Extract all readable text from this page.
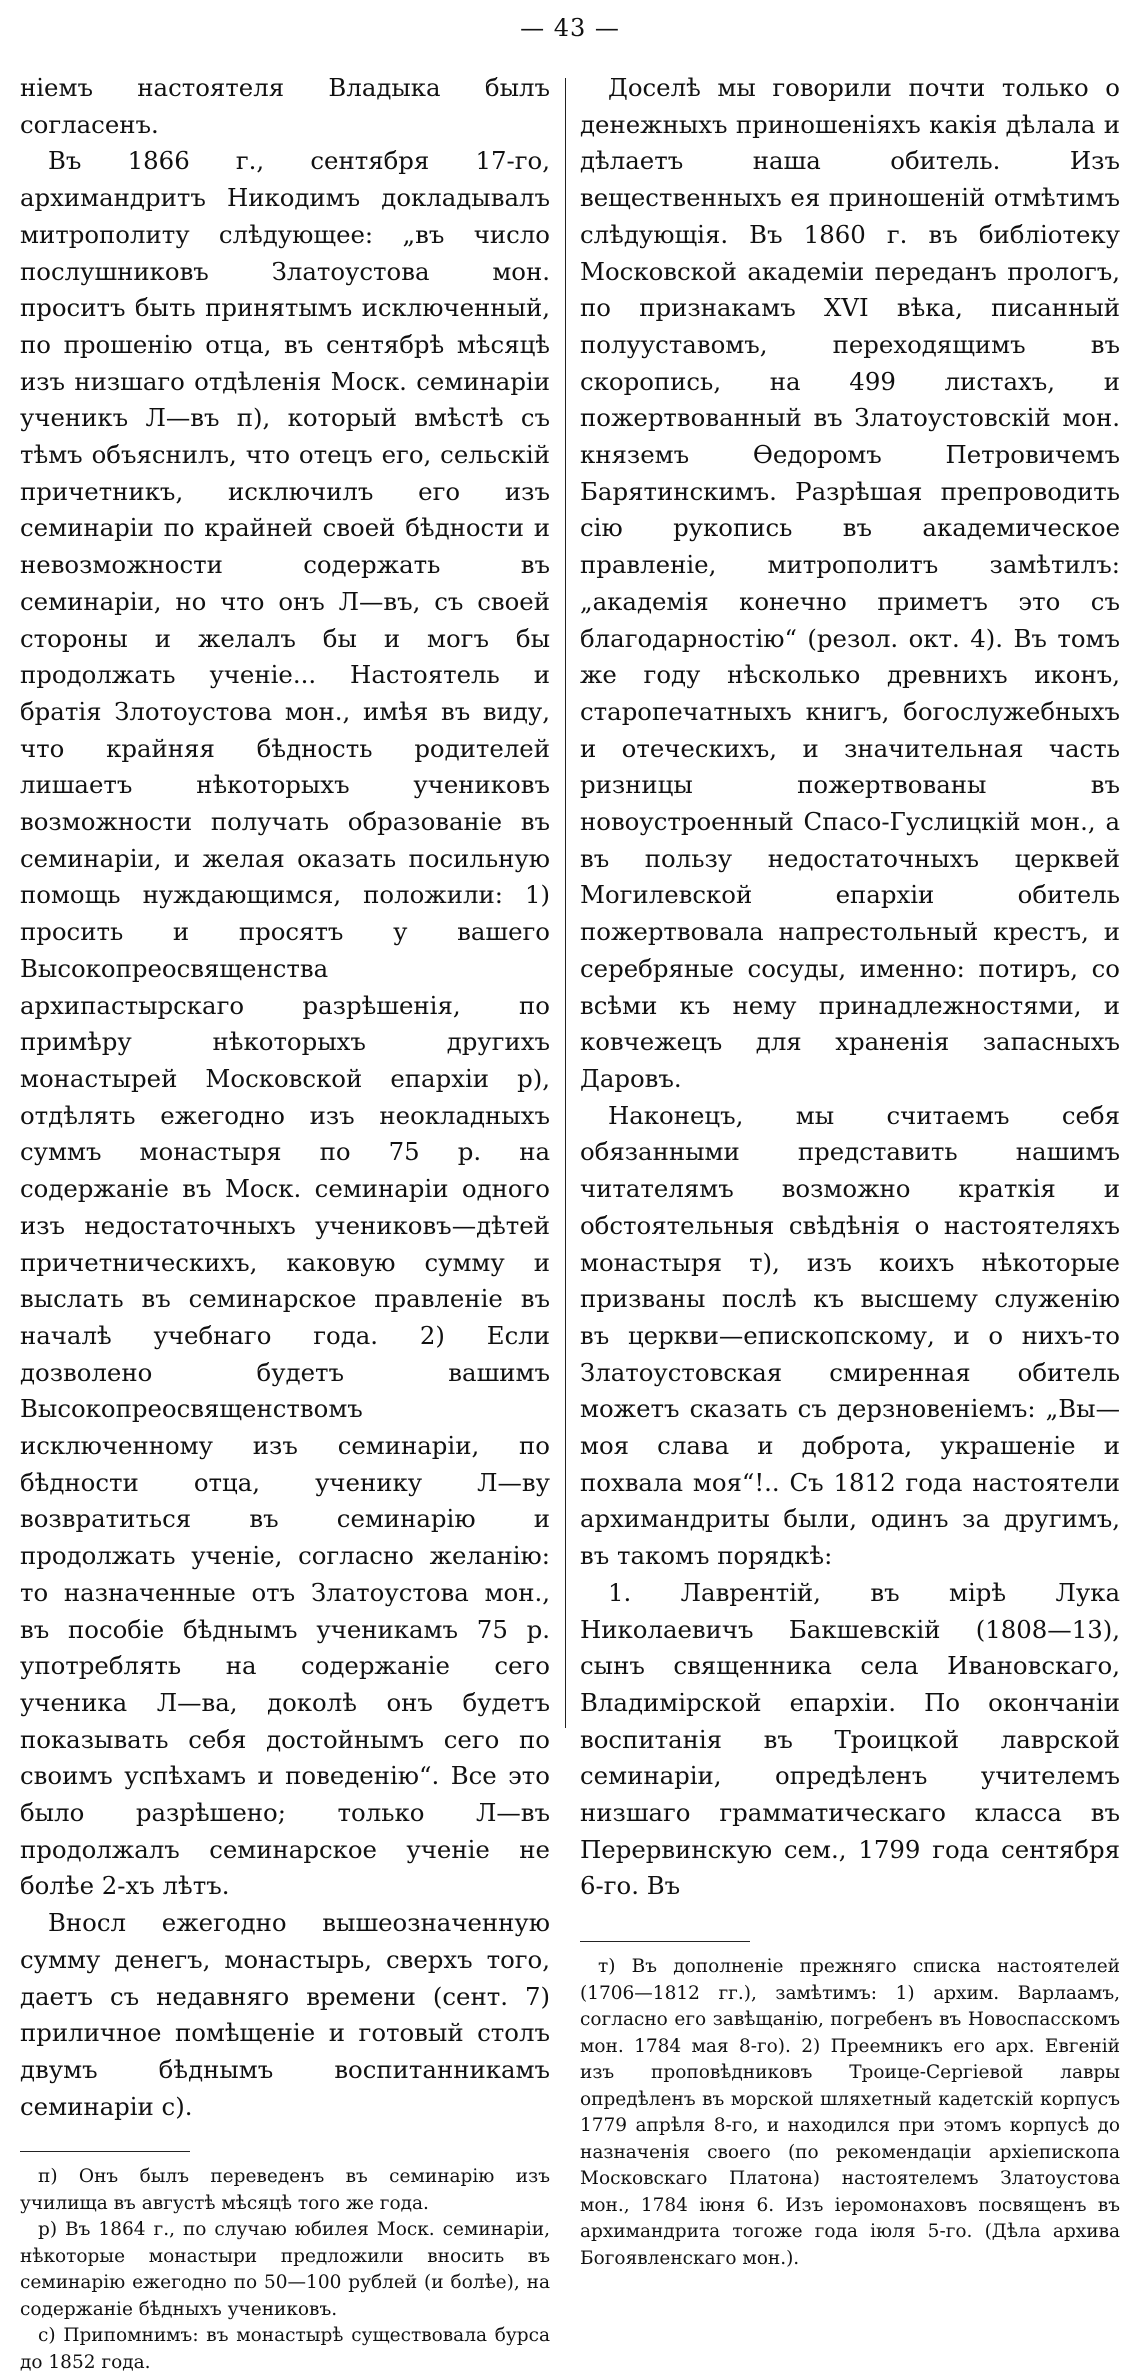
— 43 —

ніемъ настоятеля Владыка былъ согласенъ.

Въ 1866 г., сентября 17-го, архимандритъ Никодимъ докладывалъ митрополиту слѣдующее: „въ число послушниковъ Златоустова мон. проситъ быть принятымъ исключенный, по прошенію отца, въ сентябрѣ мѣсяцѣ изъ низшаго отдѣленія Моск. семинаріи ученикъ Л—въ п), который вмѣстѣ съ тѣмъ объяснилъ, что отецъ его, сельскій причетникъ, исключилъ его изъ семинаріи по крайней своей бѣдности и невозможности содержать въ семинаріи, но что онъ Л—въ, съ своей стороны и желалъ бы и могъ бы продолжать ученіе... Настоятель и братія Злотоустова мон., имѣя въ виду, что крайняя бѣдность родителей лишаетъ нѣкоторыхъ учениковъ возможности получать образованіе въ семинаріи, и желая оказать посильную помощь нуждающимся, положили: 1) просить и просятъ у вашего Высокопреосвященства архипастырскаго разрѣшенія, по примѣру нѣкоторыхъ другихъ монастырей Московской епархіи р), отдѣлять ежегодно изъ неокладныхъ суммъ монастыря по 75 р. на содержаніе въ Моск. семинаріи одного изъ недостаточныхъ учениковъ—дѣтей причетническихъ, каковую сумму и выслать въ семинарское правленіе въ началѣ учебнаго года. 2) Если дозволено будетъ вашимъ Высокопреосвященствомъ исключенному изъ семинаріи, по бѣдности отца, ученику Л—ву возвратиться въ семинарію и продолжать ученіе, согласно желанію: то назначенные отъ Златоустова мон., въ пособіе бѣднымъ ученикамъ 75 р. употреблять на содержаніе сего ученика Л—ва, доколѣ онъ будетъ показывать себя достойнымъ сего по своимъ успѣхамъ и поведенію“. Все это было разрѣшено; только Л—въ продолжалъ семинарское ученіе не болѣе 2-хъ лѣтъ.

Вносл ежегодно вышеозначенную сумму денегъ, монастырь, сверхъ того, даетъ съ недавняго времени (сент. 7) приличное помѣщеніе и готовый столъ двумъ бѣднымъ воспитанникамъ семинаріи с).

п) Онъ былъ переведенъ въ семинарію изъ училища въ августѣ мѣсяцѣ того же года.

р) Въ 1864 г., по случаю юбилея Моск. семинаріи, нѣкоторые монастыри предложили вносить въ семинарію ежегодно по 50—100 рублей (и болѣе), на содержаніе бѣдныхъ учениковъ.

с) Припомнимъ: въ монастырѣ существовала бурса до 1852 года.

Доселѣ мы говорили почти только о денежныхъ приношеніяхъ какія дѣлала и дѣлаетъ наша обитель. Изъ вещественныхъ ея приношеній отмѣтимъ слѣдующія. Въ 1860 г. въ библіотеку Московской академіи переданъ прологъ, по признакамъ XVI вѣка, писанный полууставомъ, переходящимъ въ скоропись, на 499 листахъ, и пожертвованный въ Златоустовскій мон. княземъ Ѳедоромъ Петровичемъ Барятинскимъ. Разрѣшая препроводить сію рукопись въ академическое правленіе, митрополитъ замѣтилъ: „академія конечно приметъ это съ благодарностію“ (резол. окт. 4). Въ томъ же году нѣсколько древнихъ иконъ, старопечатныхъ книгъ, богослужебныхъ и отеческихъ, и значительная часть ризницы пожертвованы въ новоустроенный Спасо-Гуслицкій мон., а въ пользу недостаточныхъ церквей Могилевской епархіи обитель пожертвовала напрестольный крестъ, и серебряные сосуды, именно: потиръ, со всѣми къ нему принадлежностями, и ковчежецъ для храненія запасныхъ Даровъ.

Наконецъ, мы считаемъ себя обязанными представить нашимъ читателямъ возможно краткія и обстоятельныя свѣдѣнія о настоятеляхъ монастыря т), изъ коихъ нѣкоторые призваны послѣ къ высшему служенію въ церкви—епископскому, и о нихъ-то Златоустовская смиренная обитель можетъ сказать съ дерзновеніемъ: „Вы—моя слава и доброта, украшеніе и похвала моя“!.. Съ 1812 года настоятели архимандриты были, одинъ за другимъ, въ такомъ порядкѣ:

1. Лаврентій, въ мірѣ Лука Николаевичъ Бакшевскій (1808—13), сынъ священника села Ивановскаго, Владимірской епархіи. По окончаніи воспитанія въ Троицкой лаврской семинаріи, опредѣленъ учителемъ низшаго грамматическаго класса въ Перервинскую сем., 1799 года сентября 6-го. Въ

т) Въ дополненіе прежняго списка настоятелей (1706—1812 гг.), замѣтимъ: 1) архим. Варлаамъ, согласно его завѣщанію, погребенъ въ Новоспасскомъ мон. 1784 мая 8-го). 2) Преемникъ его арх. Евгеній изъ проповѣдниковъ Троице-Сергіевой лавры опредѣленъ въ морской шляхетный кадетскій корпусъ 1779 апрѣля 8-го, и находился при этомъ корпусѣ до назначенія своего (по рекомендаціи архіепископа Московскаго Платона) настоятелемъ Златоустова мон., 1784 іюня 6. Изъ іеромонаховъ посвященъ въ архимандрита тогоже года іюля 5-го. (Дѣла архива Богоявленскаго мон.).
